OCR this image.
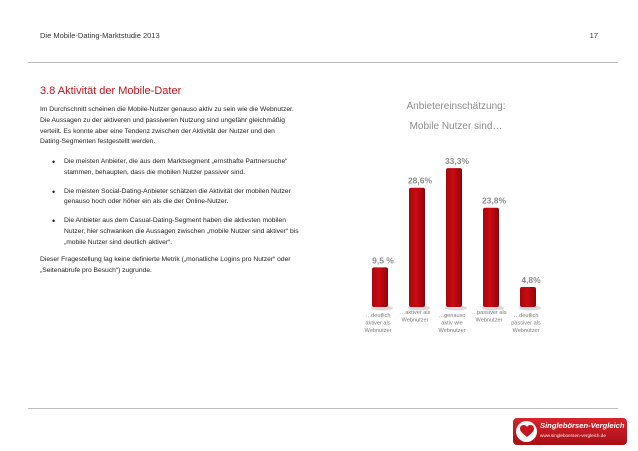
Die Mobile-Dating-Marktstudie 2013	17
3.8 Aktivität der Mobile-Dater
Im Durchschnitt scheinen die Mobile-Nutzer genauso aktiv zu sein wie die Webnutzer. Die Aussagen zu der aktiveren und passiveren Nutzung sind ungefähr gleichmäßig verteilt. Es konnte aber eine Tendenz zwischen der Aktivität der Nutzer und den Dating-Segmenten festgestellt werden.
• Die meisten Anbieter, die aus dem Marktsegment „ernsthafte Partnersuche“ stammen, behaupten, dass die mobilen Nutzer passiver sind.
• Die meisten Social-Dating-Anbieter schätzen die Aktivität der mobilen Nutzer genauso hoch oder höher ein als die der Online-Nutzer.
• Die Anbieter aus dem Casual-Dating-Segment haben die aktivsten mobilen Nutzer, hier schwanken die Aussagen zwischen „mobile Nutzer sind aktiver“ bis „mobile Nutzer sind deutlich aktiver“.
Dieser Fragestellung lag keine definierte Metrik („monatliche Logins pro Nutzer“ oder „Seitenabrufe pro Besuch“) zugrunde.
Anbietereinschätzung:
Mobile Nutzer sind…
9,5 %
…deutlich aktiver als Webnutzer
28,6%
…aktiver als Webnutzer
33,3%
…genauso aktiv wie Webnutzer
23,8%
…passiver als Webnutzer
4,8%
…deutlich passiver als Webnutzer
Singlebörsen-Vergleich
www.singleboersen-vergleich.de
